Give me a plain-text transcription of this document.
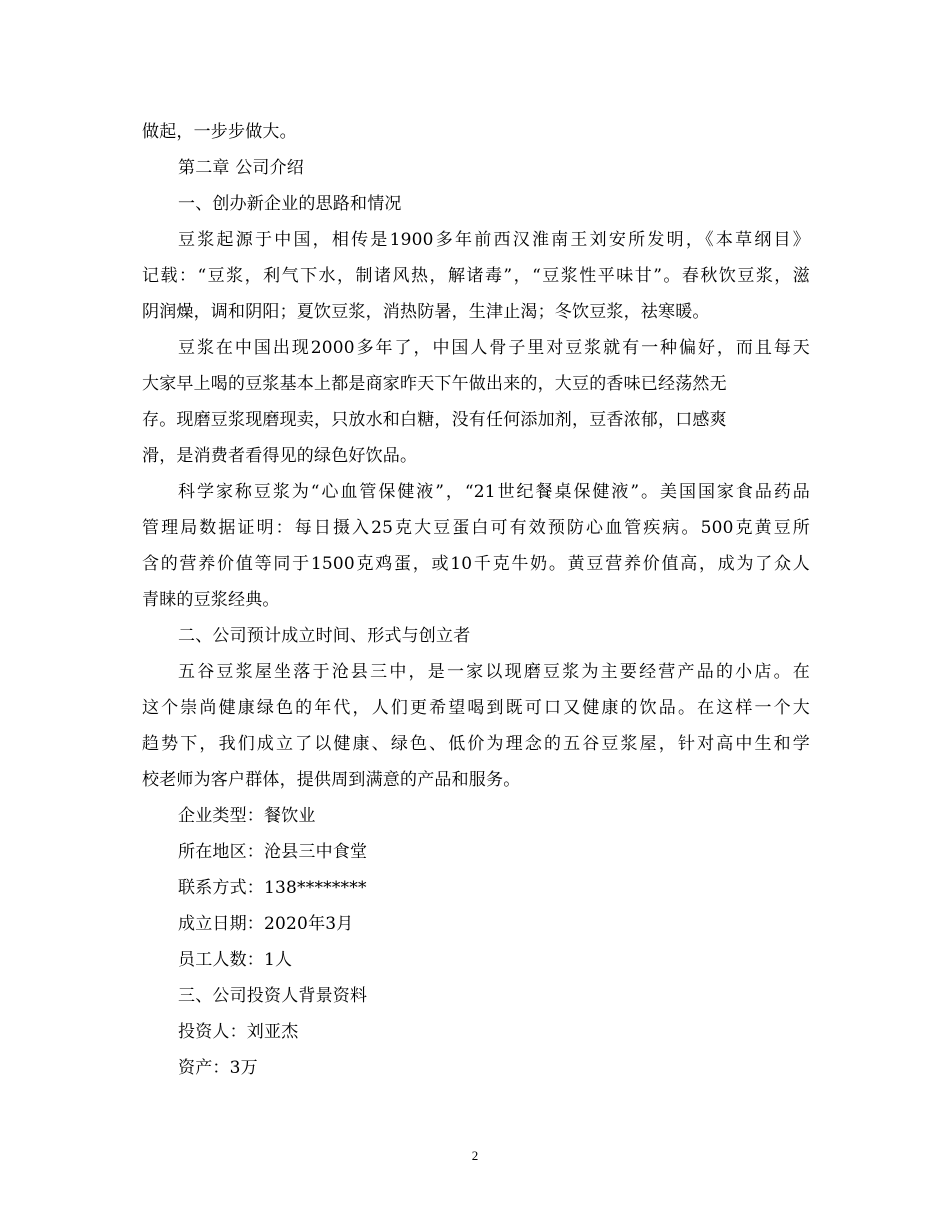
做起，一步步做大。
第二章 公司介绍
一、创办新企业的思路和情况
豆浆起源于中国，相传是1900多年前西汉淮南王刘安所发明，《本草纲目》
记载：“豆浆，利气下水，制诸风热，解诸毒”，“豆浆性平味甘”。春秋饮豆浆，滋
阴润燥，调和阴阳；夏饮豆浆，消热防暑，生津止渴；冬饮豆浆，祛寒暖。
豆浆在中国出现2000多年了，中国人骨子里对豆浆就有一种偏好，而且每天
大家早上喝的豆浆基本上都是商家昨天下午做出来的，大豆的香味已经荡然无
存。现磨豆浆现磨现卖，只放水和白糖，没有任何添加剂，豆香浓郁，口感爽
滑，是消费者看得见的绿色好饮品。
科学家称豆浆为“心血管保健液”，“21世纪餐桌保健液”。美国国家食品药品
管理局数据证明：每日摄入25克大豆蛋白可有效预防心血管疾病。500克黄豆所
含的营养价值等同于1500克鸡蛋，或10千克牛奶。黄豆营养价值高，成为了众人
青睐的豆浆经典。
二、公司预计成立时间、形式与创立者
五谷豆浆屋坐落于沧县三中，是一家以现磨豆浆为主要经营产品的小店。在
这个崇尚健康绿色的年代，人们更希望喝到既可口又健康的饮品。在这样一个大
趋势下，我们成立了以健康、绿色、低价为理念的五谷豆浆屋，针对高中生和学
校老师为客户群体，提供周到满意的产品和服务。
企业类型：餐饮业
所在地区：沧县三中食堂
联系方式：138********
成立日期：2020年3月
员工人数：1人
三、公司投资人背景资料
投资人：刘亚杰
资产：3万
2
